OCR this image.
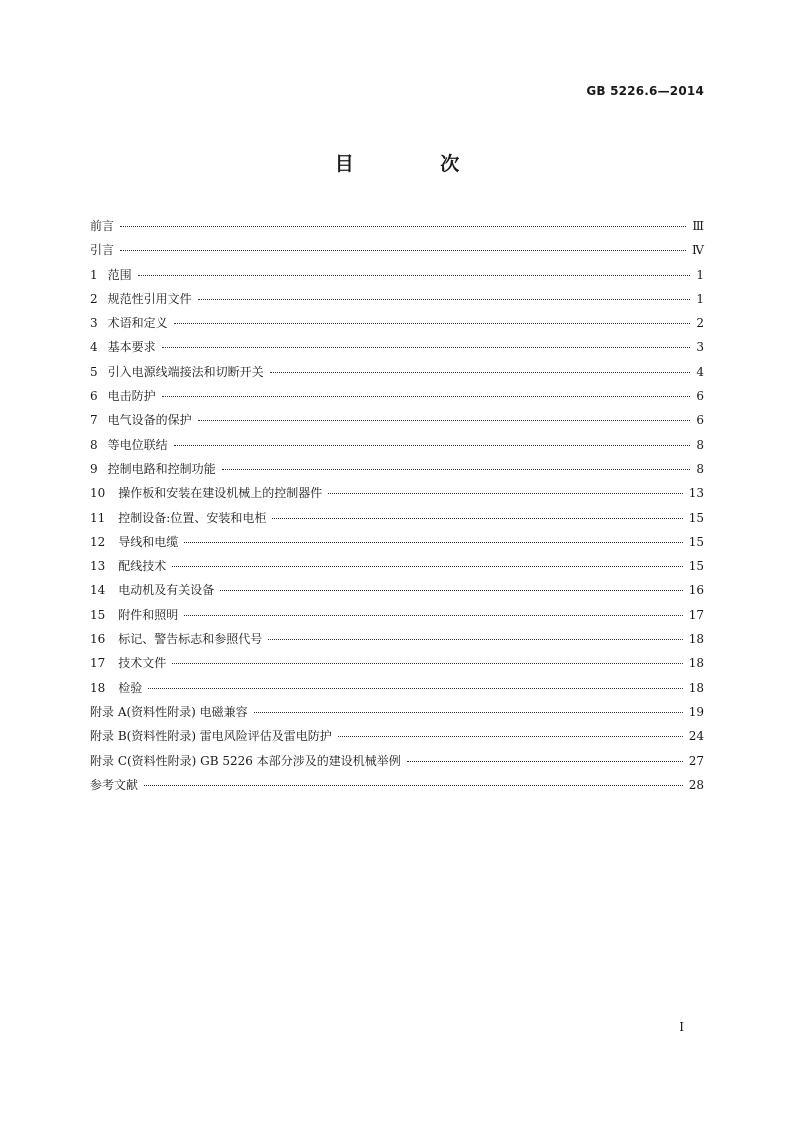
GB 5226.6—2014
目 次
前言	Ⅲ
引言	Ⅳ
1 范围	1
2 规范性引用文件	1
3 术语和定义	2
4 基本要求	3
5 引入电源线端接法和切断开关	4
6 电击防护	6
7 电气设备的保护	6
8 等电位联结	8
9 控制电路和控制功能	8
10 操作板和安装在建设机械上的控制器件	13
11 控制设备:位置、安装和电柜	15
12 导线和电缆	15
13 配线技术	15
14 电动机及有关设备	16
15 附件和照明	17
16 标记、警告标志和参照代号	18
17 技术文件	18
18 检验	18
附录 A(资料性附录) 电磁兼容	19
附录 B(资料性附录) 雷电风险评估及雷电防护	24
附录 C(资料性附录) GB 5226 本部分涉及的建设机械举例	27
参考文献	28
I
